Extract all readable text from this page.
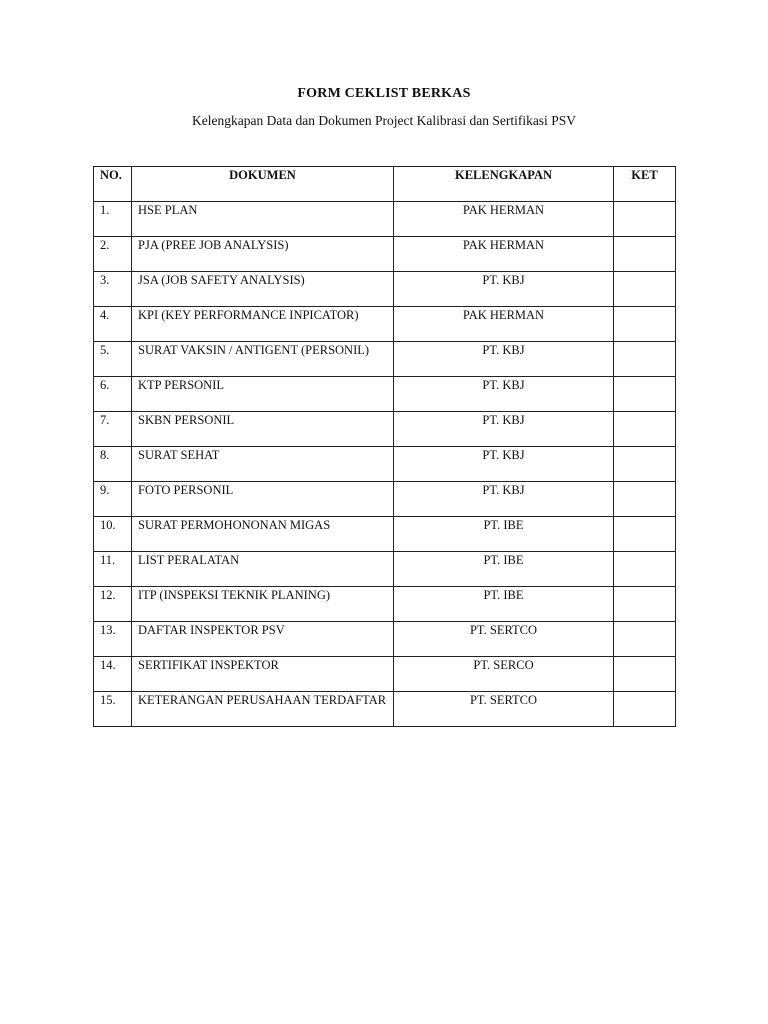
FORM CEKLIST BERKAS
Kelengkapan Data dan Dokumen Project Kalibrasi dan Sertifikasi PSV
NO.	DOKUMEN	KELENGKAPAN	KET
1.	HSE PLAN	PAK HERMAN	
2.	PJA (PREE JOB ANALYSIS)	PAK HERMAN	
3.	JSA (JOB SAFETY ANALYSIS)	PT. KBJ	
4.	KPI (KEY PERFORMANCE INPICATOR)	PAK HERMAN	
5.	SURAT VAKSIN / ANTIGENT (PERSONIL)	PT. KBJ	
6.	KTP PERSONIL	PT. KBJ	
7.	SKBN PERSONIL	PT. KBJ	
8.	SURAT SEHAT	PT. KBJ	
9.	FOTO PERSONIL	PT. KBJ	
10.	SURAT PERMOHONONAN MIGAS	PT. IBE	
11.	LIST PERALATAN	PT. IBE	
12.	ITP (INSPEKSI TEKNIK PLANING)	PT. IBE	
13.	DAFTAR INSPEKTOR PSV	PT. SERTCO	
14.	SERTIFIKAT INSPEKTOR	PT. SERCO	
15.	KETERANGAN PERUSAHAAN TERDAFTAR	PT. SERTCO	
